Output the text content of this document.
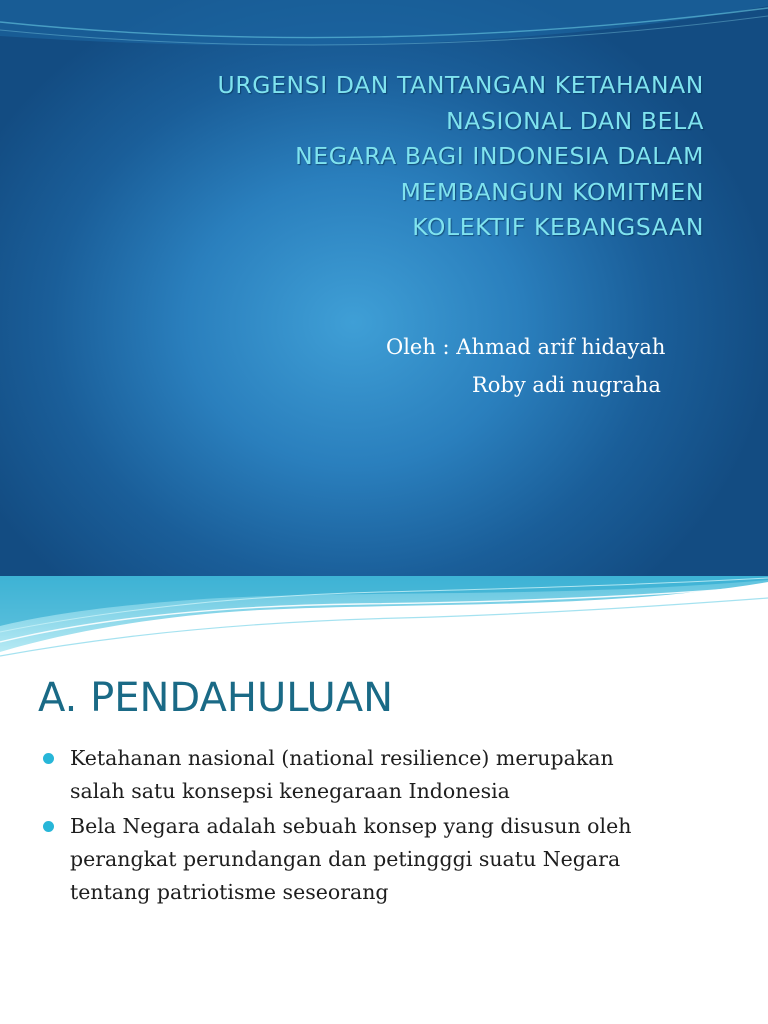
URGENSI DAN TANTANGAN KETAHANAN
NASIONAL DAN BELA
NEGARA BAGI INDONESIA DALAM
MEMBANGUN KOMITMEN
KOLEKTIF KEBANGSAAN
Oleh : Ahmad arif hidayah
Roby adi nugraha
A. PENDAHULUAN
Ketahanan nasional (national resilience) merupakan
salah satu konsepsi kenegaraan Indonesia
Bela Negara adalah sebuah konsep yang disusun oleh
perangkat perundangan dan petingggi suatu Negara
tentang patriotisme seseorang
